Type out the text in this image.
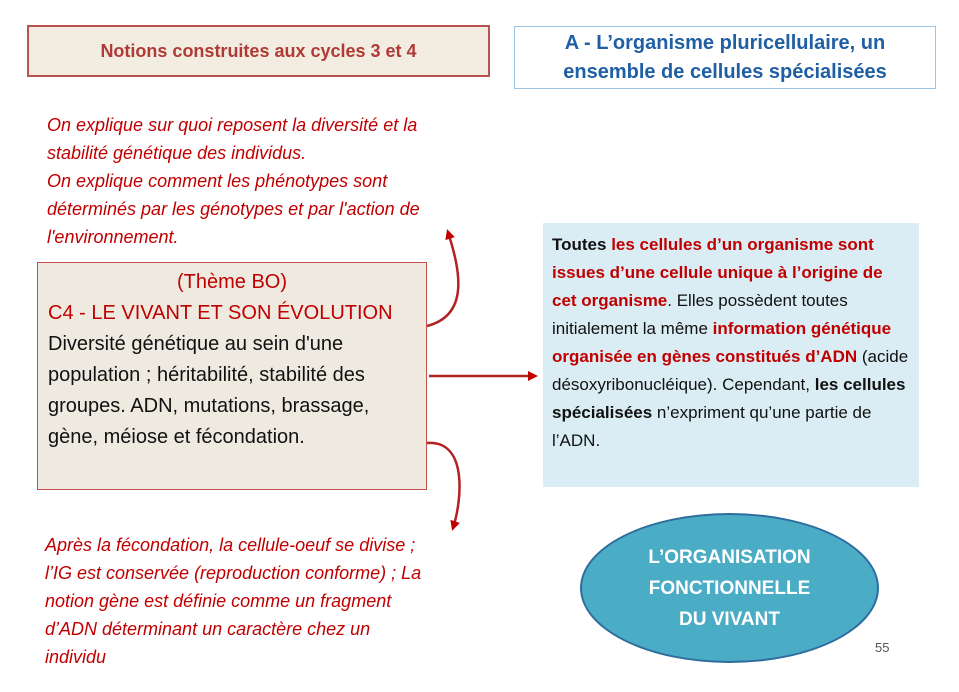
Notions construites aux cycles 3 et 4	A - L’organisme pluricellulaire, un
ensemble de cellules spécialisées
On explique sur quoi reposent la diversité et la
stabilité génétique des individus.
On explique comment les phénotypes sont
déterminés par les génotypes et par l'action de
l'environnement.
(Thème BO)
C4 - LE VIVANT ET SON ÉVOLUTION
Diversité génétique au sein d'une population ; héritabilité, stabilité des groupes. ADN, mutations, brassage, gène, méiose et fécondation.

Toutes les cellules d’un organisme sont issues d’une cellule unique à l’origine de cet organisme. Elles possèdent toutes initialement la même information génétique organisée en gènes constitués d’ADN (acide désoxyribonucléique). Cependant, les cellules spécialisées n’expriment qu’une partie de l’ADN.

Après la fécondation, la cellule-oeuf se divise ;
l’IG est conservée (reproduction conforme) ; La
notion gène est définie comme un fragment
d’ADN déterminant un caractère chez un
individu
L’ORGANISATION
FONCTIONNELLE
DU VIVANT
55
